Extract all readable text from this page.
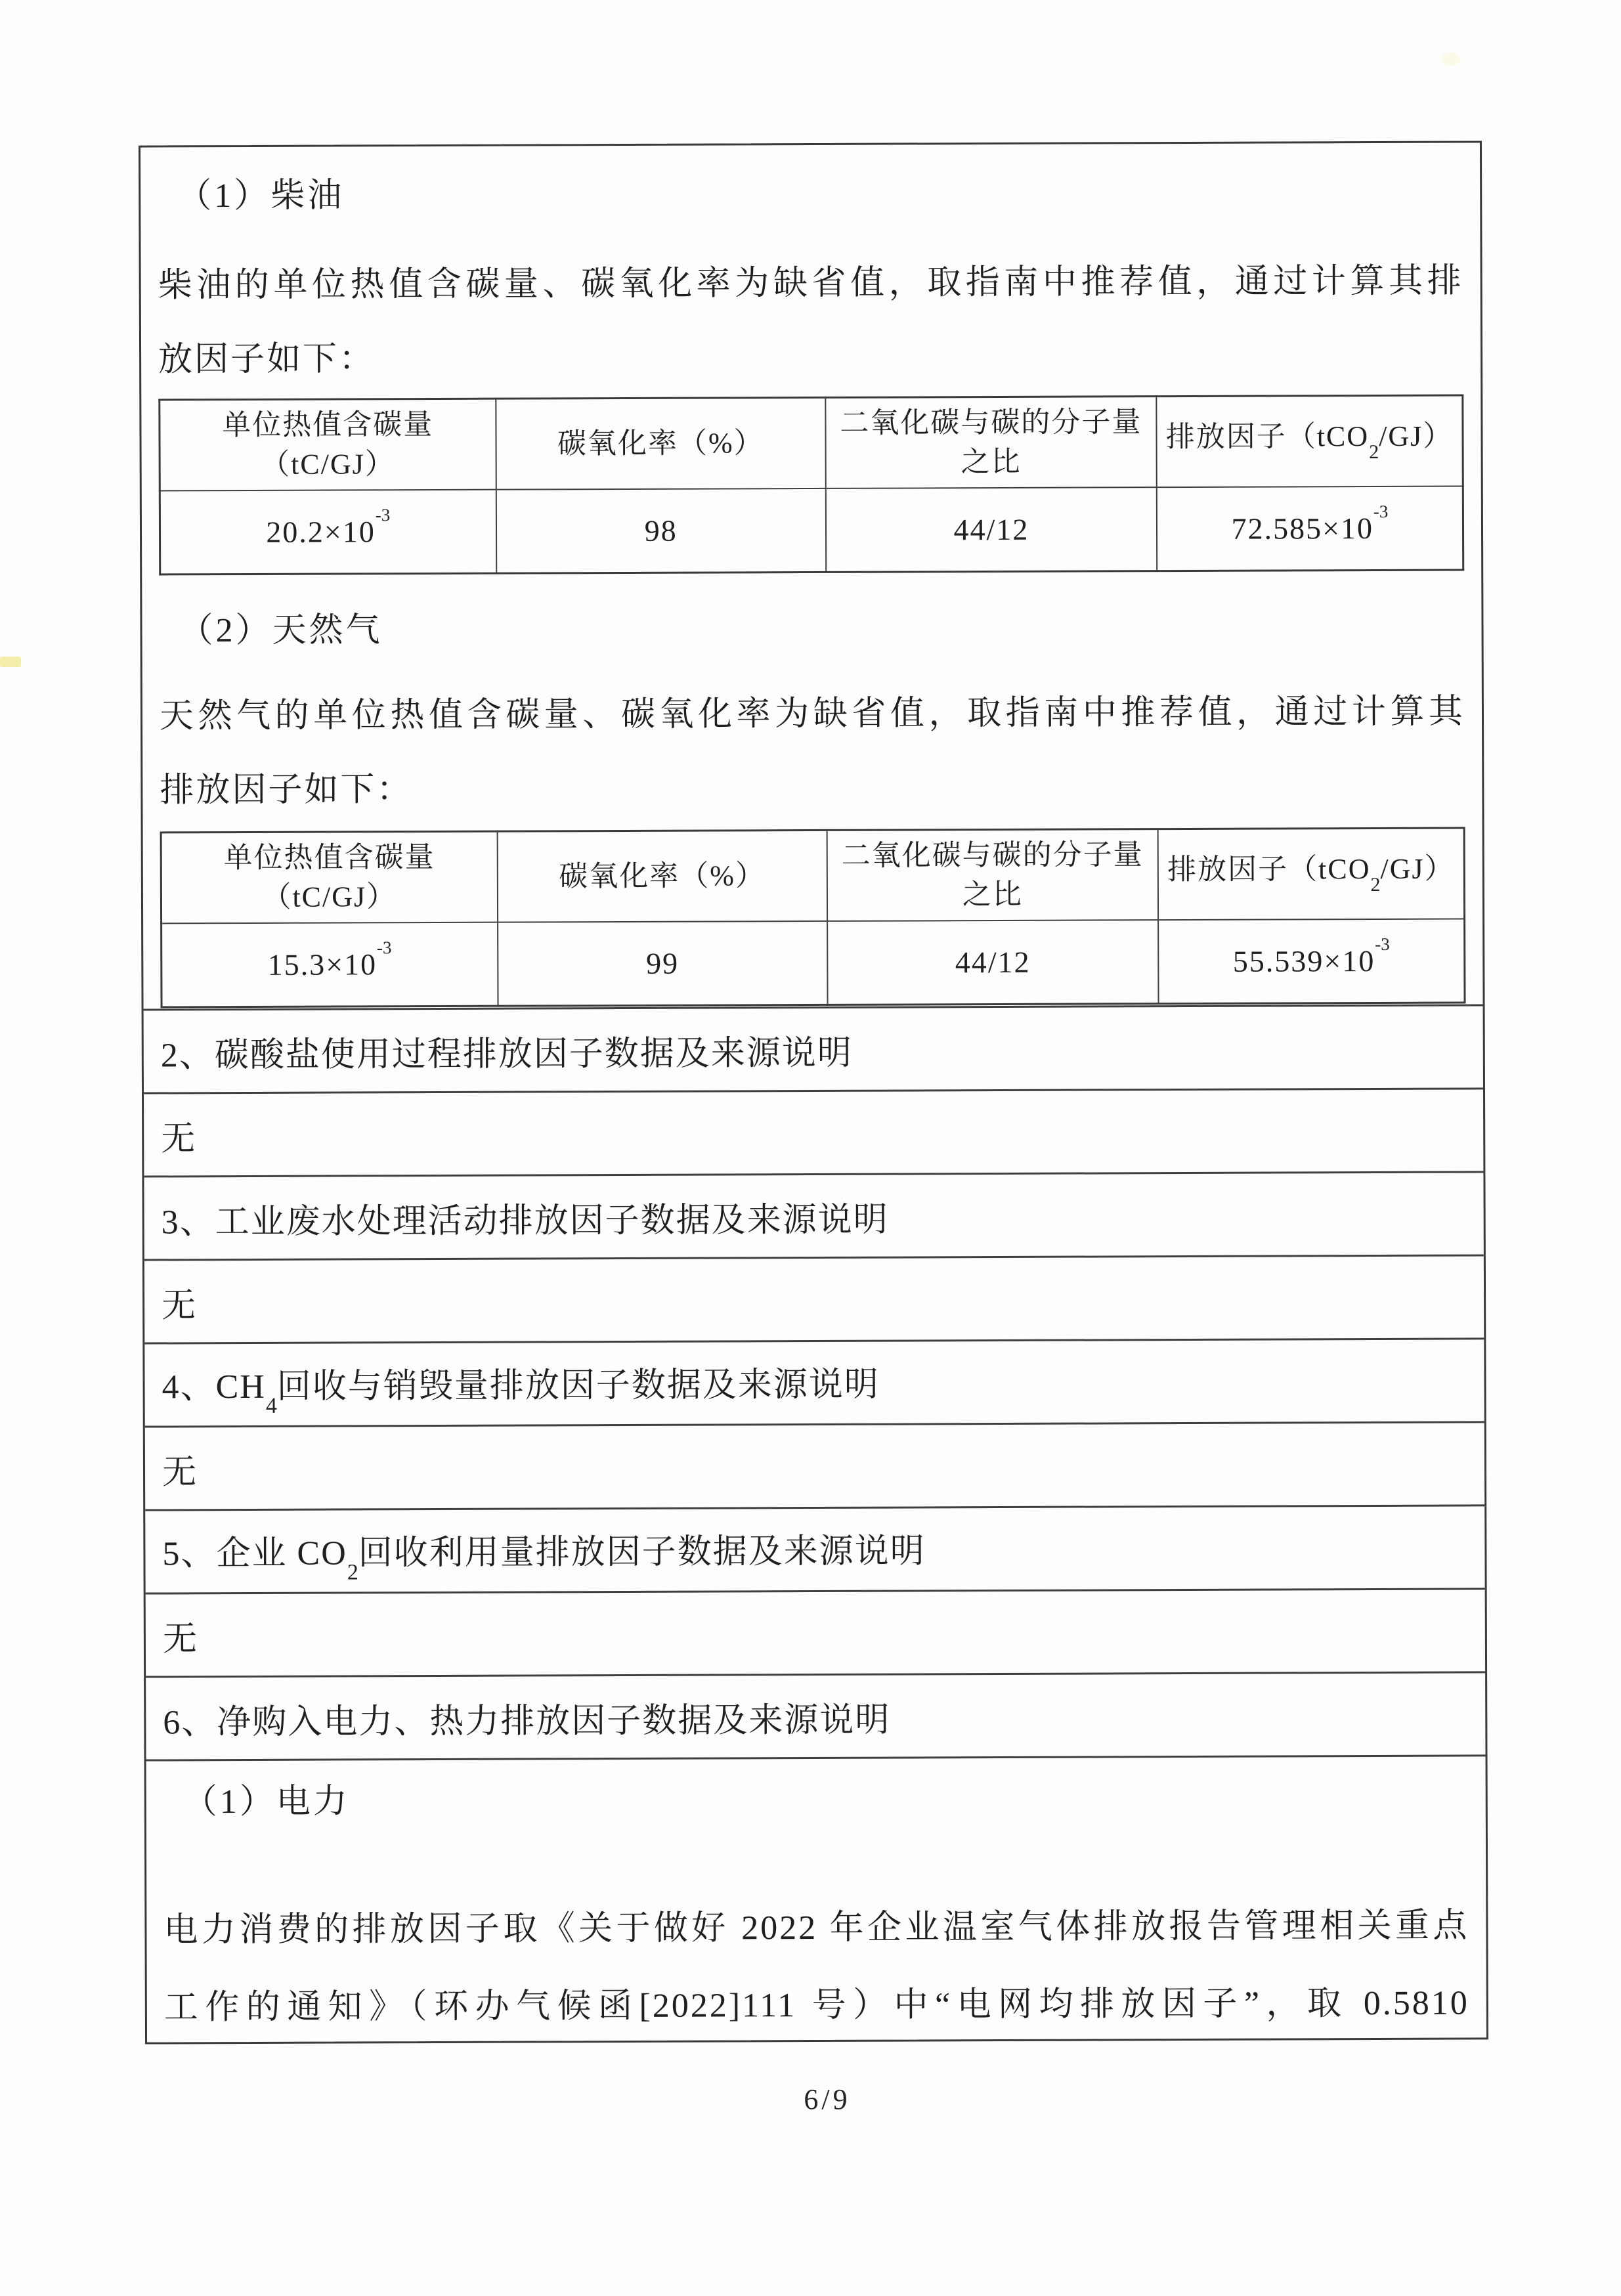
（1）柴油
柴油的单位热值含碳量、碳氧化率为缺省值，取指南中推荐值，通过计算其排
放因子如下：
单位热值含碳量
（tC/GJ）
	碳氧化率（%）	
二氧化碳与碳的分子量
之比
	排放因子（tCO$_2$/GJ）
$20.2\times 10^{-3}$	98	44/12	$72.585\times 10^{-3}$
（2）天然气
天然气的单位热值含碳量、碳氧化率为缺省值，取指南中推荐值，通过计算其
排放因子如下：
单位热值含碳量
（tC/GJ）
	碳氧化率（%）	
二氧化碳与碳的分子量
之比
	排放因子（tCO$_2$/GJ）
$15.3\times 10^{-3}$	99	44/12	$55.539\times 10^{-3}$
2、碳酸盐使用过程排放因子数据及来源说明
无
3、工业废水处理活动排放因子数据及来源说明
无
4、$CH_4$回收与销毁量排放因子数据及来源说明
无
5、企业 $CO_2$回收利用量排放因子数据及来源说明
无
6、净购入电力、热力排放因子数据及来源说明
（1）电力
电力消费的排放因子取《关于做好 2022 年企业温室气体排放报告管理相关重点
工作的通知》（环办气候函[2022]111 号）中“电网均排放因子”，取 0.5810
6/9
